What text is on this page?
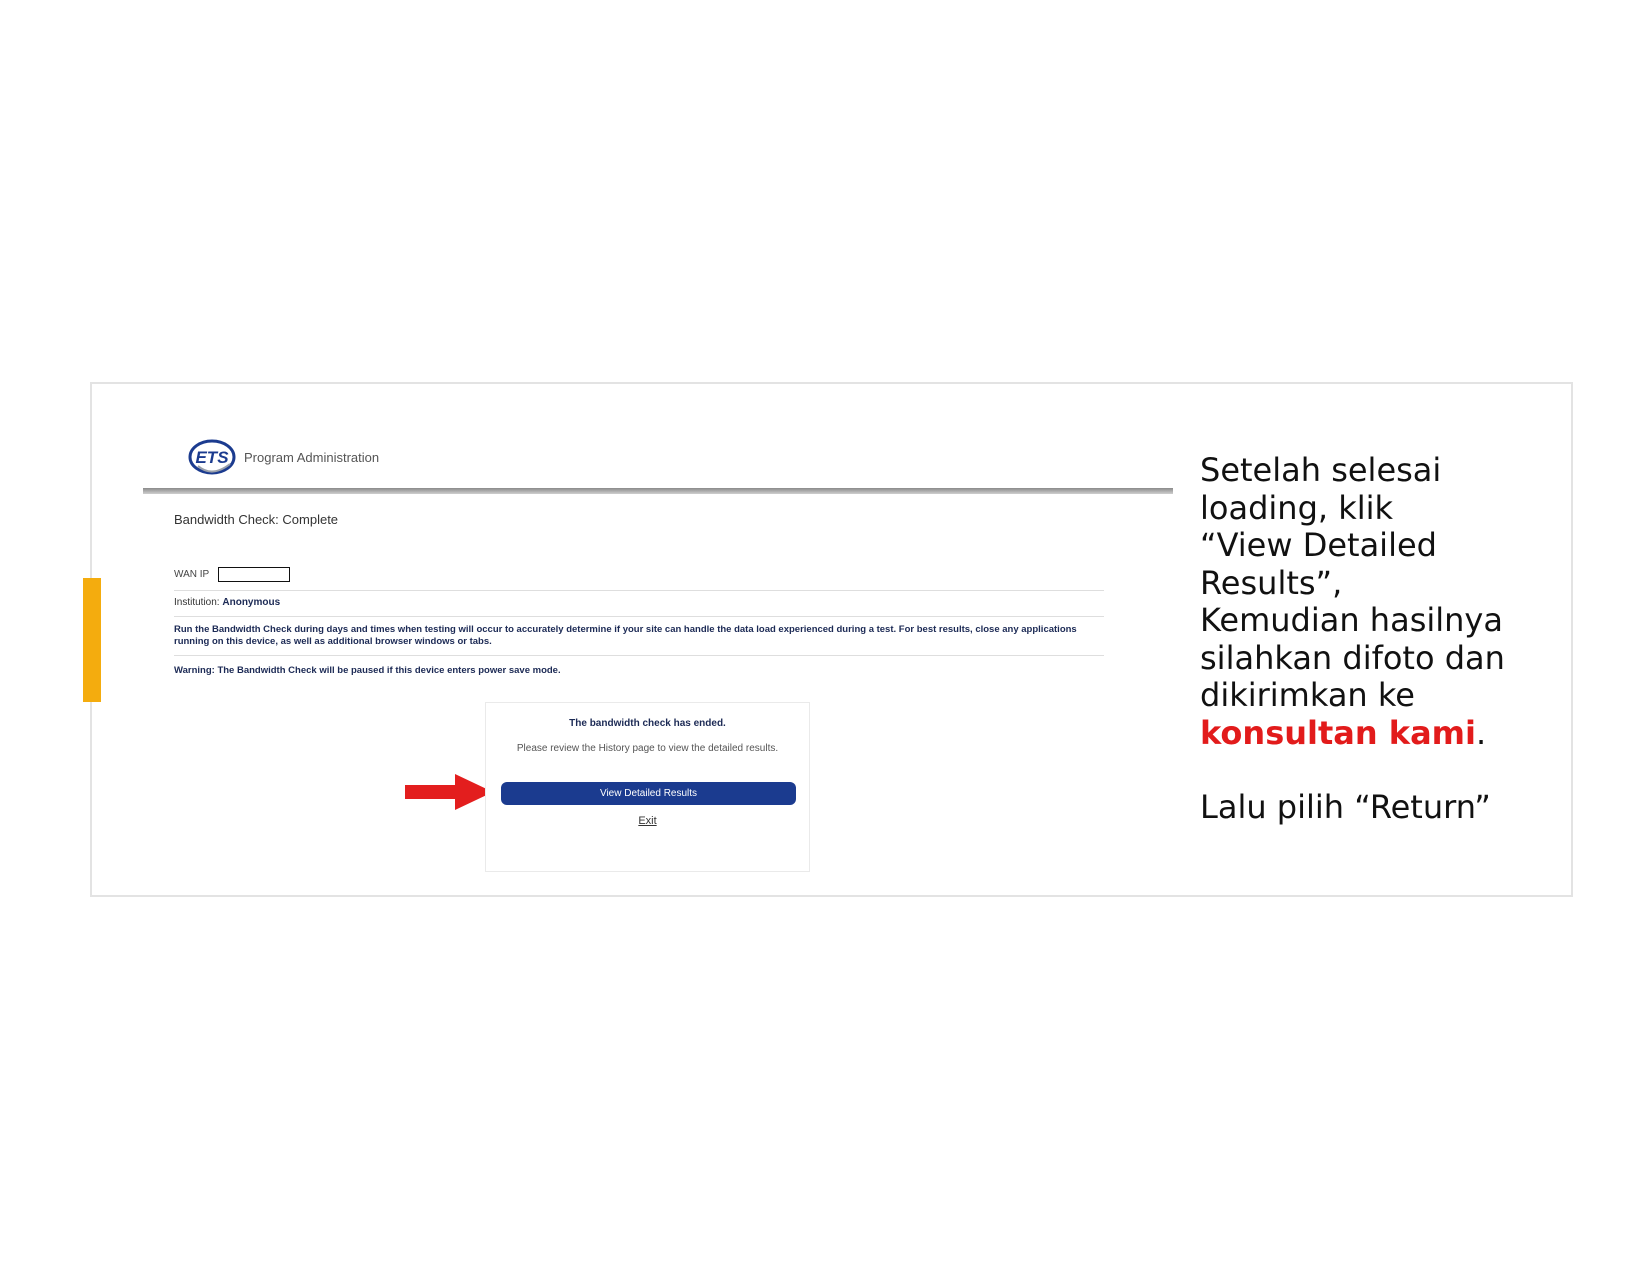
ETS Program Administration
Bandwidth Check: Complete
WAN IP
Institution: Anonymous
Run the Bandwidth Check during days and times when testing will occur to accurately determine if your site can handle the data load experienced during a test. For best results, close any applications running on this device, as well as additional browser windows or tabs.
Warning: The Bandwidth Check will be paused if this device enters power save mode.
The bandwidth check has ended.
Please review the History page to view the detailed results.
View Detailed Results
Exit
Setelah selesai
loading, klik
“View Detailed
Results”,
Kemudian hasilnya
silahkan difoto dan
dikirimkan ke
konsultan kami.
Lalu pilih “Return”
